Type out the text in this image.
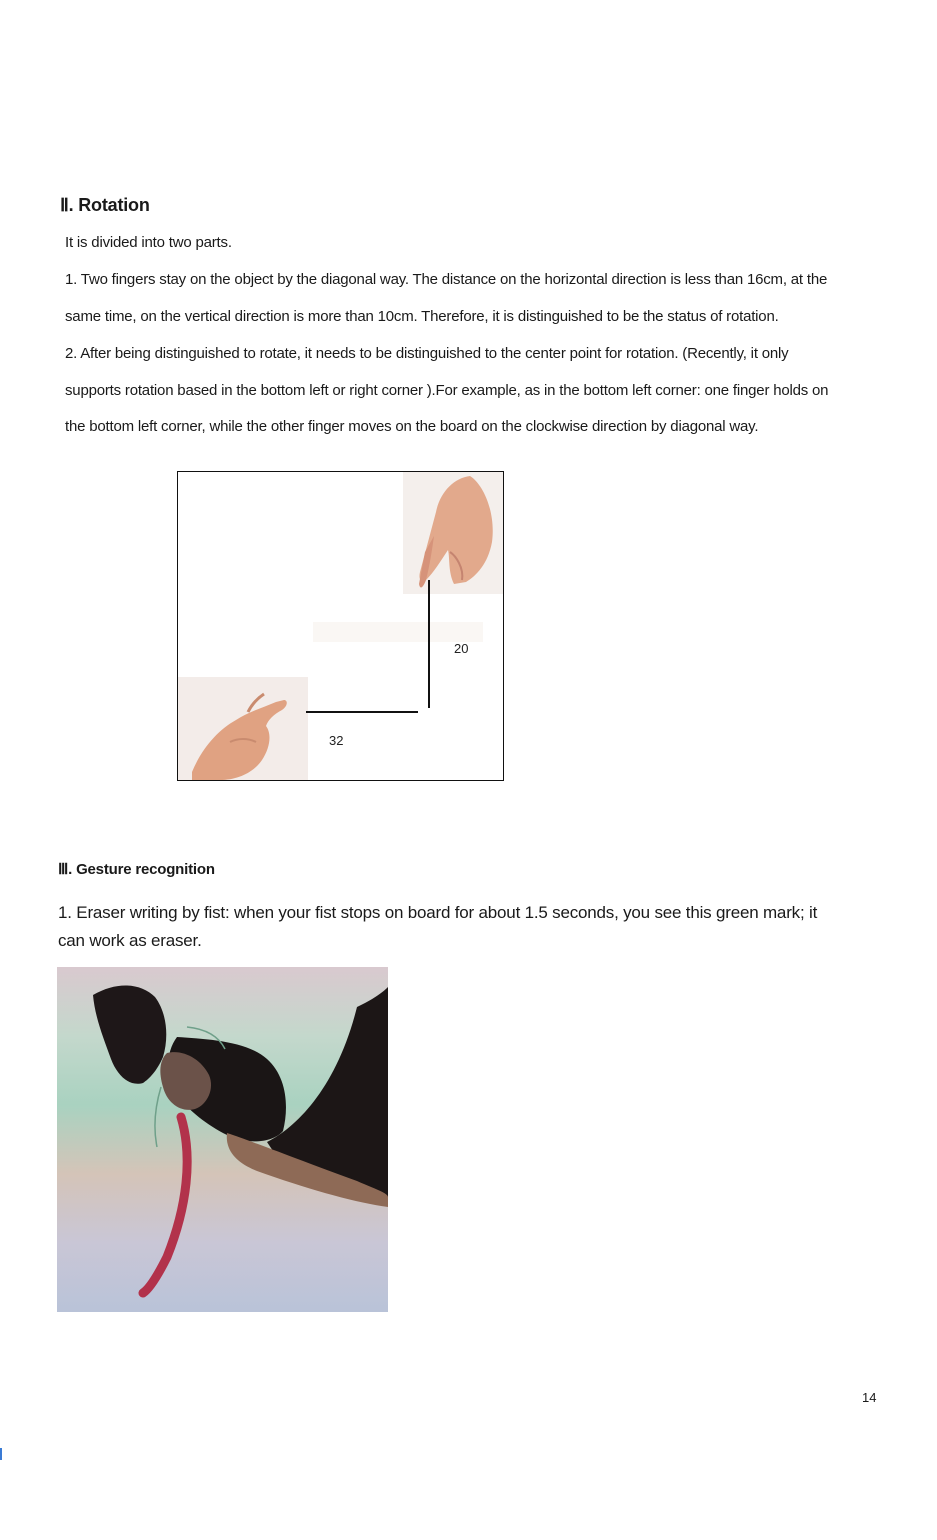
Ⅱ. Rotation
It is divided into two parts.
1. Two fingers stay on the object by the diagonal way. The distance on the horizontal direction is less than 16cm, at the
same time, on the vertical direction is more than 10cm. Therefore, it is distinguished to be the status of rotation.
2. After being distinguished to rotate, it needs to be distinguished to the center point for rotation. (Recently, it only
supports rotation based in the bottom left or right corner ).For example, as in the bottom left corner: one finger holds on
the bottom left corner, while the other finger moves on the board on the clockwise direction by diagonal way.
20
32
Ⅲ. Gesture recognition
1. Eraser writing by fist: when your fist stops on board for about 1.5 seconds, you see this green mark; it
can work as eraser.
14
